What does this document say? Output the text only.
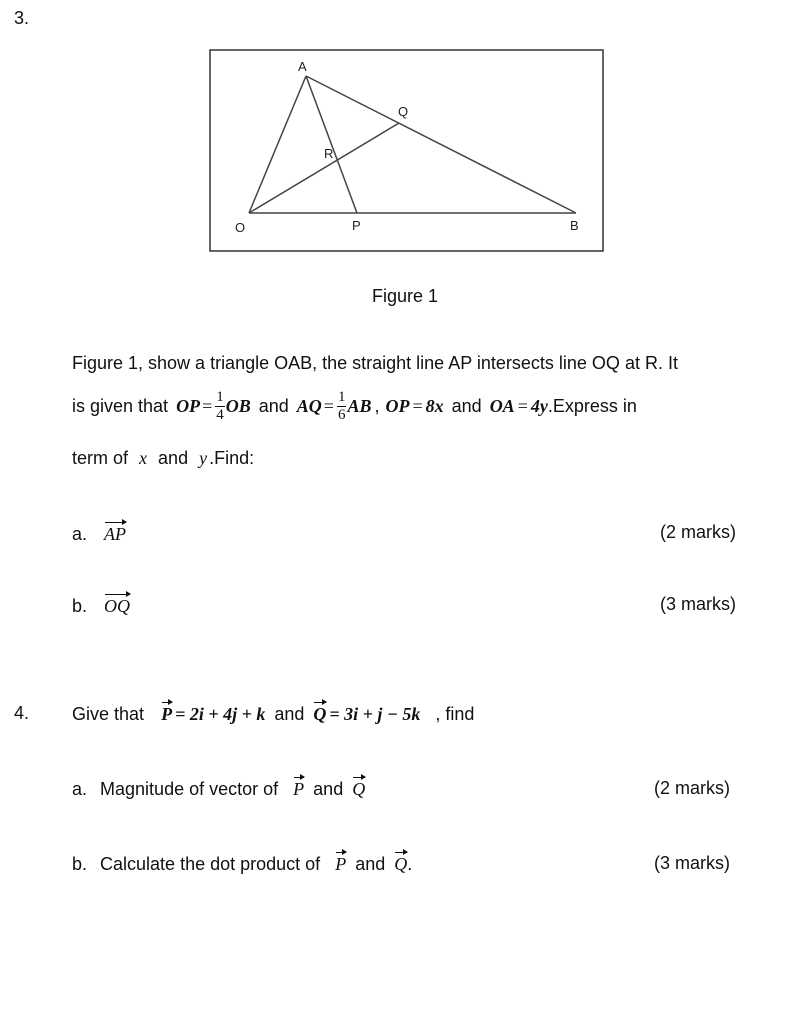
3.
A
Q
R
O	P	B
Figure 1
Figure 1, show a triangle OAB, the straight line AP intersects line OQ at R. It
is given that OP = $\frac{1}{4}$ OB and AQ = $\frac{1}{6}$ AB , OP = 8x and OA = 4y .Express in
term of x and y .Find:
a. AP	(2 marks)
b. OQ	(3 marks)
4. Give that P = 2i + 4j + k and Q = 3i + j − 5k , find
a. Magnitude of vector of P and Q	(2 marks)
b. Calculate the dot product of P and Q.	(3 marks)
